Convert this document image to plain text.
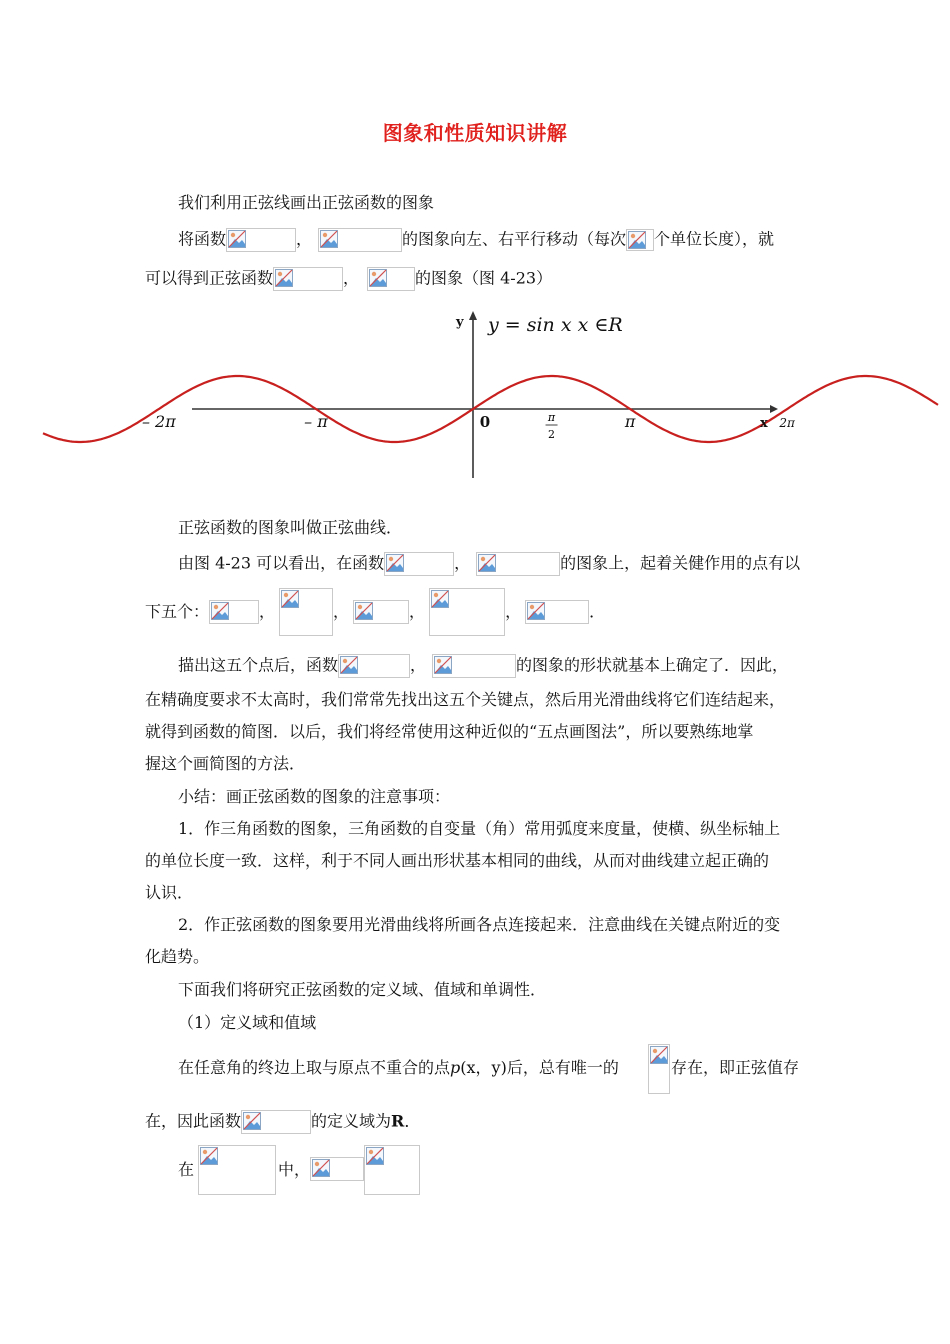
图象和性质知识讲解
我们利用正弦线画出正弦函数的图象
将函数	，	的图象向左、右平行移动（每次 个单位长度），就
可以得到正弦函数	，	的图象（图 4-23）
y
x
y = sin x x ∈R
– 2π	– π	0	π
2
π	2π
正弦函数的图象叫做正弦曲线．
由图 4-23 可以看出，在函数	，	的图象上，起着关健作用的点有以
下五个：	，	，	，	，	．
描出这五个点后，函数	，	的图象的形状就基本上确定了．因此，
在精确度要求不太高时，我们常常先找出这五个关键点，然后用光滑曲线将它们连结起来，
就得到函数的简图．以后，我们将经常使用这种近似的“五点画图法”，所以要熟练地掌
握这个画简图的方法．
小结：画正弦函数的图象的注意事项：
1．作三角函数的图象，三角函数的自变量（角）常用弧度来度量，使横、纵坐标轴上
的单位长度一致．这样，利于不同人画出形状基本相同的曲线，从而对曲线建立起正确的
认识．
2．作正弦函数的图象要用光滑曲线将所画各点连接起来．注意曲线在关键点附近的变
化趋势。
下面我们将研究正弦函数的定义域、值域和单调性．
（1）定义域和值域
在任意角的终边上取与原点不重合的点p(x，y)后，总有唯一的	存在，即正弦值存
在，因此函数	的定义域为R．
在	中，
